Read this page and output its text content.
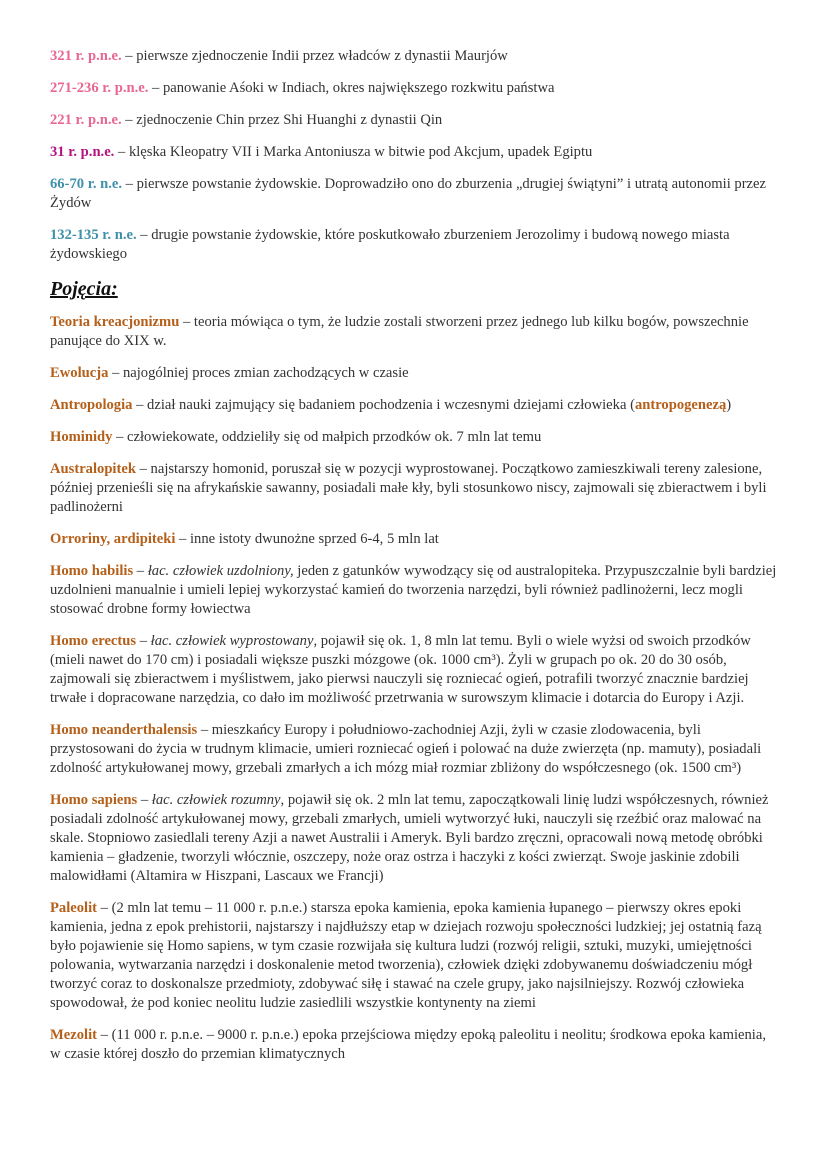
321 r. p.n.e. – pierwsze zjednoczenie Indii przez władców z dynastii Maurjów

271-236 r. p.n.e. – panowanie Aśoki w Indiach, okres największego rozkwitu państwa

221 r. p.n.e. – zjednoczenie Chin przez Shi Huanghi z dynastii Qin

31 r. p.n.e. – klęska Kleopatry VII i Marka Antoniusza w bitwie pod Akcjum, upadek Egiptu

66-70 r. n.e. – pierwsze powstanie żydowskie. Doprowadziło ono do zburzenia „drugiej świątyni” i utratą autonomii przez Żydów

132-135 r. n.e. – drugie powstanie żydowskie, które poskutkowało zburzeniem Jerozolimy i budową nowego miasta żydowskiego

Pojęcia:

Teoria kreacjonizmu – teoria mówiąca o tym, że ludzie zostali stworzeni przez jednego lub kilku bogów, powszechnie panujące do XIX w.

Ewolucja – najogólniej proces zmian zachodzących w czasie

Antropologia – dział nauki zajmujący się badaniem pochodzenia i wczesnymi dziejami człowieka (antropogenezą)

Hominidy – człowiekowate, oddzieliły się od małpich przodków ok. 7 mln lat temu

Australopitek – najstarszy homonid, poruszał się w pozycji wyprostowanej. Początkowo zamieszkiwali tereny zalesione, później przenieśli się na afrykańskie sawanny, posiadali małe kły, byli stosunkowo niscy, zajmowali się zbieractwem i byli padlinożerni

Orroriny, ardipiteki – inne istoty dwunożne sprzed 6-4, 5 mln lat

Homo habilis – łac. człowiek uzdolniony, jeden z gatunków wywodzący się od australopiteka. Przypuszczalnie byli bardziej uzdolnieni manualnie i umieli lepiej wykorzystać kamień do tworzenia narzędzi, byli również padlinożerni, lecz mogli stosować drobne formy łowiectwa

Homo erectus – łac. człowiek wyprostowany, pojawił się ok. 1, 8 mln lat temu. Byli o wiele wyżsi od swoich przodków (mieli nawet do 170 cm) i posiadali większe puszki mózgowe (ok. 1000 cm³). Żyli w grupach po ok. 20 do 30 osób, zajmowali się zbieractwem i myślistwem, jako pierwsi nauczyli się rozniecać ogień, potrafili tworzyć znacznie bardziej trwałe i dopracowane narzędzia, co dało im możliwość przetrwania w surowszym klimacie i dotarcia do Europy i Azji.

Homo neanderthalensis – mieszkańcy Europy i południowo-zachodniej Azji, żyli w czasie zlodowacenia, byli przystosowani do życia w trudnym klimacie, umieri rozniecać ogień i polować na duże zwierzęta (np. mamuty), posiadali zdolność artykułowanej mowy, grzebali zmarłych a ich mózg miał rozmiar zbliżony do współczesnego (ok. 1500 cm³)

Homo sapiens – łac. człowiek rozumny, pojawił się ok. 2 mln lat temu, zapoczątkowali linię ludzi współczesnych, również posiadali zdolność artykułowanej mowy, grzebali zmarłych, umieli wytworzyć łuki, nauczyli się rzeźbić oraz malować na skale. Stopniowo zasiedlali tereny Azji a nawet Australii i Ameryk. Byli bardzo zręczni, opracowali nową metodę obróbki kamienia – gładzenie, tworzyli włócznie, oszczepy, noże oraz ostrza i haczyki z kości zwierząt. Swoje jaskinie zdobili malowidłami (Altamira w Hiszpani, Lascaux we Francji)

Paleolit – (2 mln lat temu – 11 000 r. p.n.e.) starsza epoka kamienia, epoka kamienia łupanego – pierwszy okres epoki kamienia, jedna z epok prehistorii, najstarszy i najdłuższy etap w dziejach rozwoju społeczności ludzkiej; jej ostatnią fazą było pojawienie się Homo sapiens, w tym czasie rozwijała się kultura ludzi (rozwój religii, sztuki, muzyki, umiejętności polowania, wytwarzania narzędzi i doskonalenie metod tworzenia), człowiek dzięki zdobywanemu doświadczeniu mógł tworzyć coraz to doskonalsze przedmioty, zdobywać siłę i stawać na czele grupy, jako najsilniejszy. Rozwój człowieka spowodował, że pod koniec neolitu ludzie zasiedlili wszystkie kontynenty na ziemi

Mezolit – (11 000 r. p.n.e. – 9000 r. p.n.e.) epoka przejściowa między epoką paleolitu i neolitu; środkowa epoka kamienia, w czasie której doszło do przemian klimatycznych
